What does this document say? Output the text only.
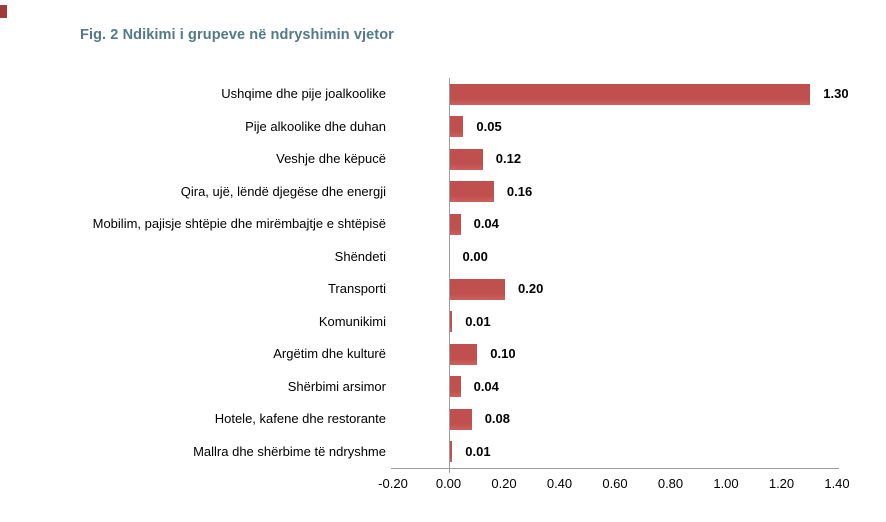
Fig. 2 Ndikimi i grupeve në ndryshimin vjetor
Ushqime dhe pije joalkoolike
Pije alkoolike dhe duhan
Veshje dhe këpucë
Qira, ujë, lëndë djegëse dhe energji
Mobilim, pajisje shtëpie dhe mirëmbajtje e shtëpisë
Shëndeti
Transporti
Komunikimi
Argëtim dhe kulturë
Shërbimi arsimor
Hotele, kafene dhe restorante
Mallra dhe shërbime të ndryshme
1.30
0.05
0.12
0.16
0.04
0.00
0.20
0.01
0.10
0.04
0.08
0.01
-0.20 0.00 0.20 0.40 0.60 0.80 1.00 1.20 1.40
